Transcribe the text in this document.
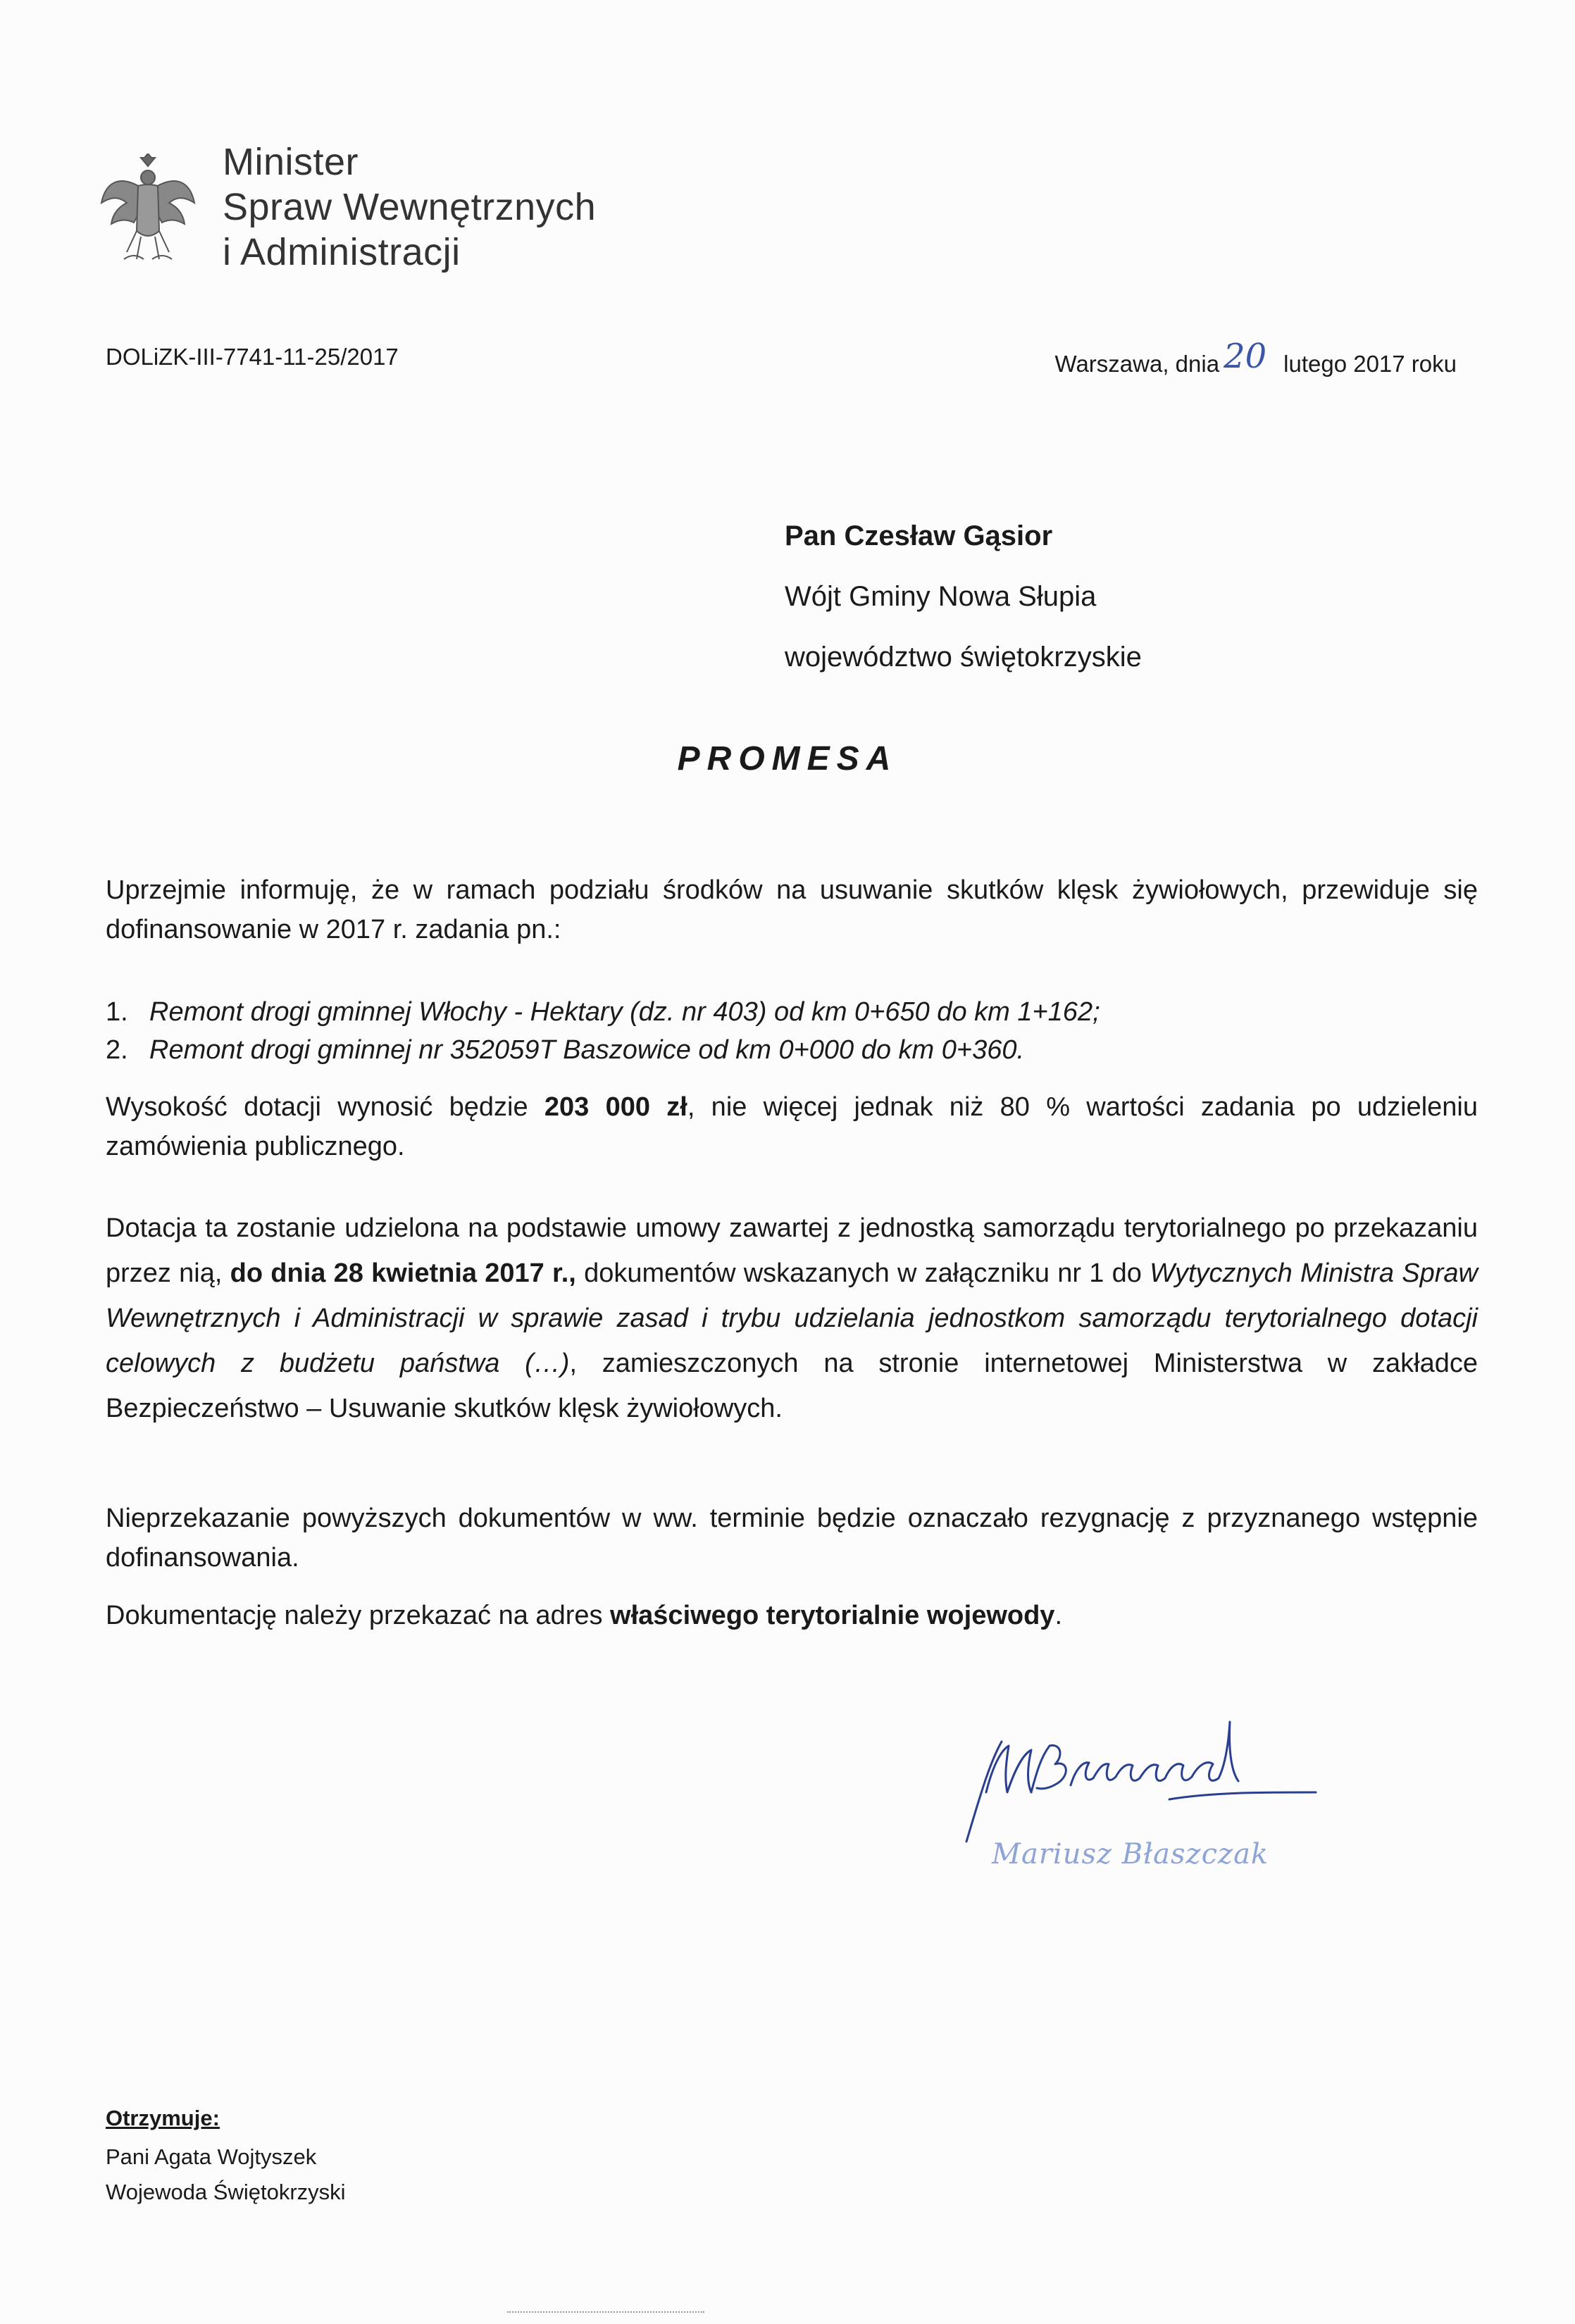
Minister
Spraw Wewnętrznych
i Administracji
DOLiZK-III-7741-11-25/2017	Warszawa, dnia 20 lutego 2017 roku
Pan Czesław Gąsior
Wójt Gminy Nowa Słupia
województwo świętokrzyskie
PROMESA
Uprzejmie informuję, że w ramach podziału środków na usuwanie skutków klęsk żywiołowych, przewiduje się dofinansowanie w 2017 r. zadania pn.:
1. Remont drogi gminnej Włochy - Hektary (dz. nr 403) od km 0+650 do km 1+162;
2. Remont drogi gminnej nr 352059T Baszowice od km 0+000 do km 0+360.
Wysokość dotacji wynosić będzie 203 000 zł, nie więcej jednak niż 80 % wartości zadania po udzieleniu zamówienia publicznego.
Dotacja ta zostanie udzielona na podstawie umowy zawartej z jednostką samorządu terytorialnego po przekazaniu przez nią, do dnia 28 kwietnia 2017 r., dokumentów wskazanych w załączniku nr 1 do Wytycznych Ministra Spraw Wewnętrznych i Administracji w sprawie zasad i trybu udzielania jednostkom samorządu terytorialnego dotacji celowych z budżetu państwa (…), zamieszczonych na stronie internetowej Ministerstwa w zakładce Bezpieczeństwo – Usuwanie skutków klęsk żywiołowych.
Nieprzekazanie powyższych dokumentów w ww. terminie będzie oznaczało rezygnację z przyznanego wstępnie dofinansowania.
Dokumentację należy przekazać na adres właściwego terytorialnie wojewody.
Mariusz Błaszczak
Otrzymuje:
Pani Agata Wojtyszek
Wojewoda Świętokrzyski
